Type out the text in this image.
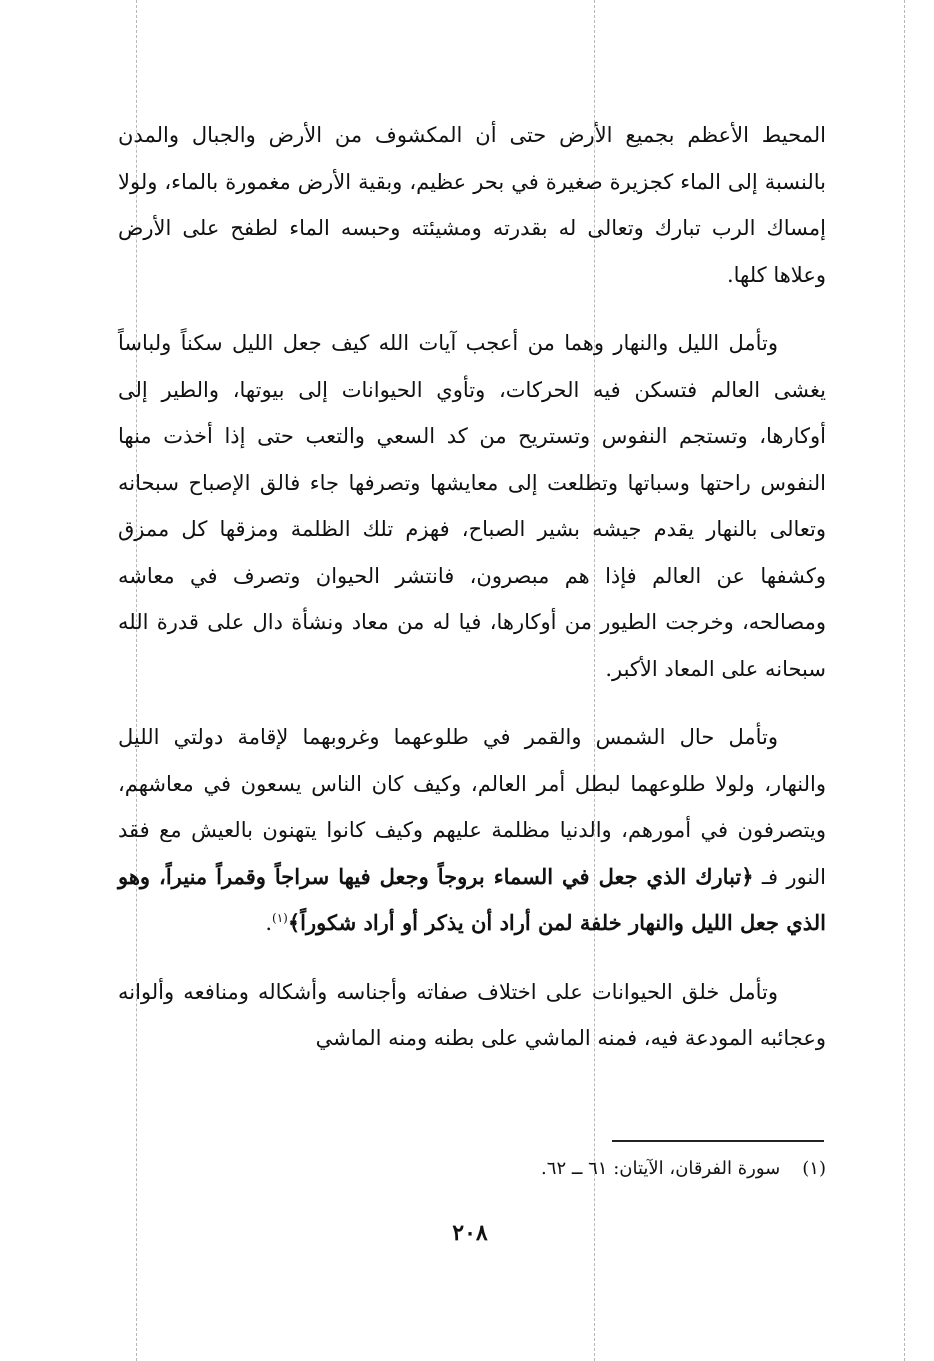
المحيط الأعظم بجميع الأرض حتى أن المكشوف من الأرض والجبال والمدن بالنسبة إلى الماء كجزيرة صغيرة في بحر عظيم، وبقية الأرض مغمورة بالماء، ولولا إمساك الرب تبارك وتعالى له بقدرته ومشيئته وحبسه الماء لطفح على الأرض وعلاها كلها.

وتأمل الليل والنهار وهما من أعجب آيات الله كيف جعل الليل سكناً ولباساً يغشى العالم فتسكن فيه الحركات، وتأوي الحيوانات إلى بيوتها، والطير إلى أوكارها، وتستجم النفوس وتستريح من كد السعي والتعب حتى إذا أخذت منها النفوس راحتها وسباتها وتطلعت إلى معايشها وتصرفها جاء فالق الإصباح سبحانه وتعالى بالنهار يقدم جيشه بشير الصباح، فهزم تلك الظلمة ومزقها كل ممزق وكشفها عن العالم فإذا هم مبصرون، فانتشر الحيوان وتصرف في معاشه ومصالحه، وخرجت الطيور من أوكارها، فيا له من معاد ونشأة دال على قدرة الله سبحانه على المعاد الأكبر.

وتأمل حال الشمس والقمر في طلوعهما وغروبهما لإقامة دولتي الليل والنهار، ولولا طلوعهما لبطل أمر العالم، وكيف كان الناس يسعون في معاشهم، ويتصرفون في أمورهم، والدنيا مظلمة عليهم وكيف كانوا يتهنون بالعيش مع فقد النور فـ ﴿تبارك الذي جعل في السماء بروجاً وجعل فيها سراجاً وقمراً منيراً، وهو الذي جعل الليل والنهار خلفة لمن أراد أن يذكر أو أراد شكوراً﴾$^{(١)}$.

وتأمل خلق الحيوانات على اختلاف صفاته وأجناسه وأشكاله ومنافعه وألوانه وعجائبه المودعة فيه، فمنه الماشي على بطنه ومنه الماشي

(١)سورة الفرقان، الآيتان: ٦١ ــ ٦٢.
٢٠٨
